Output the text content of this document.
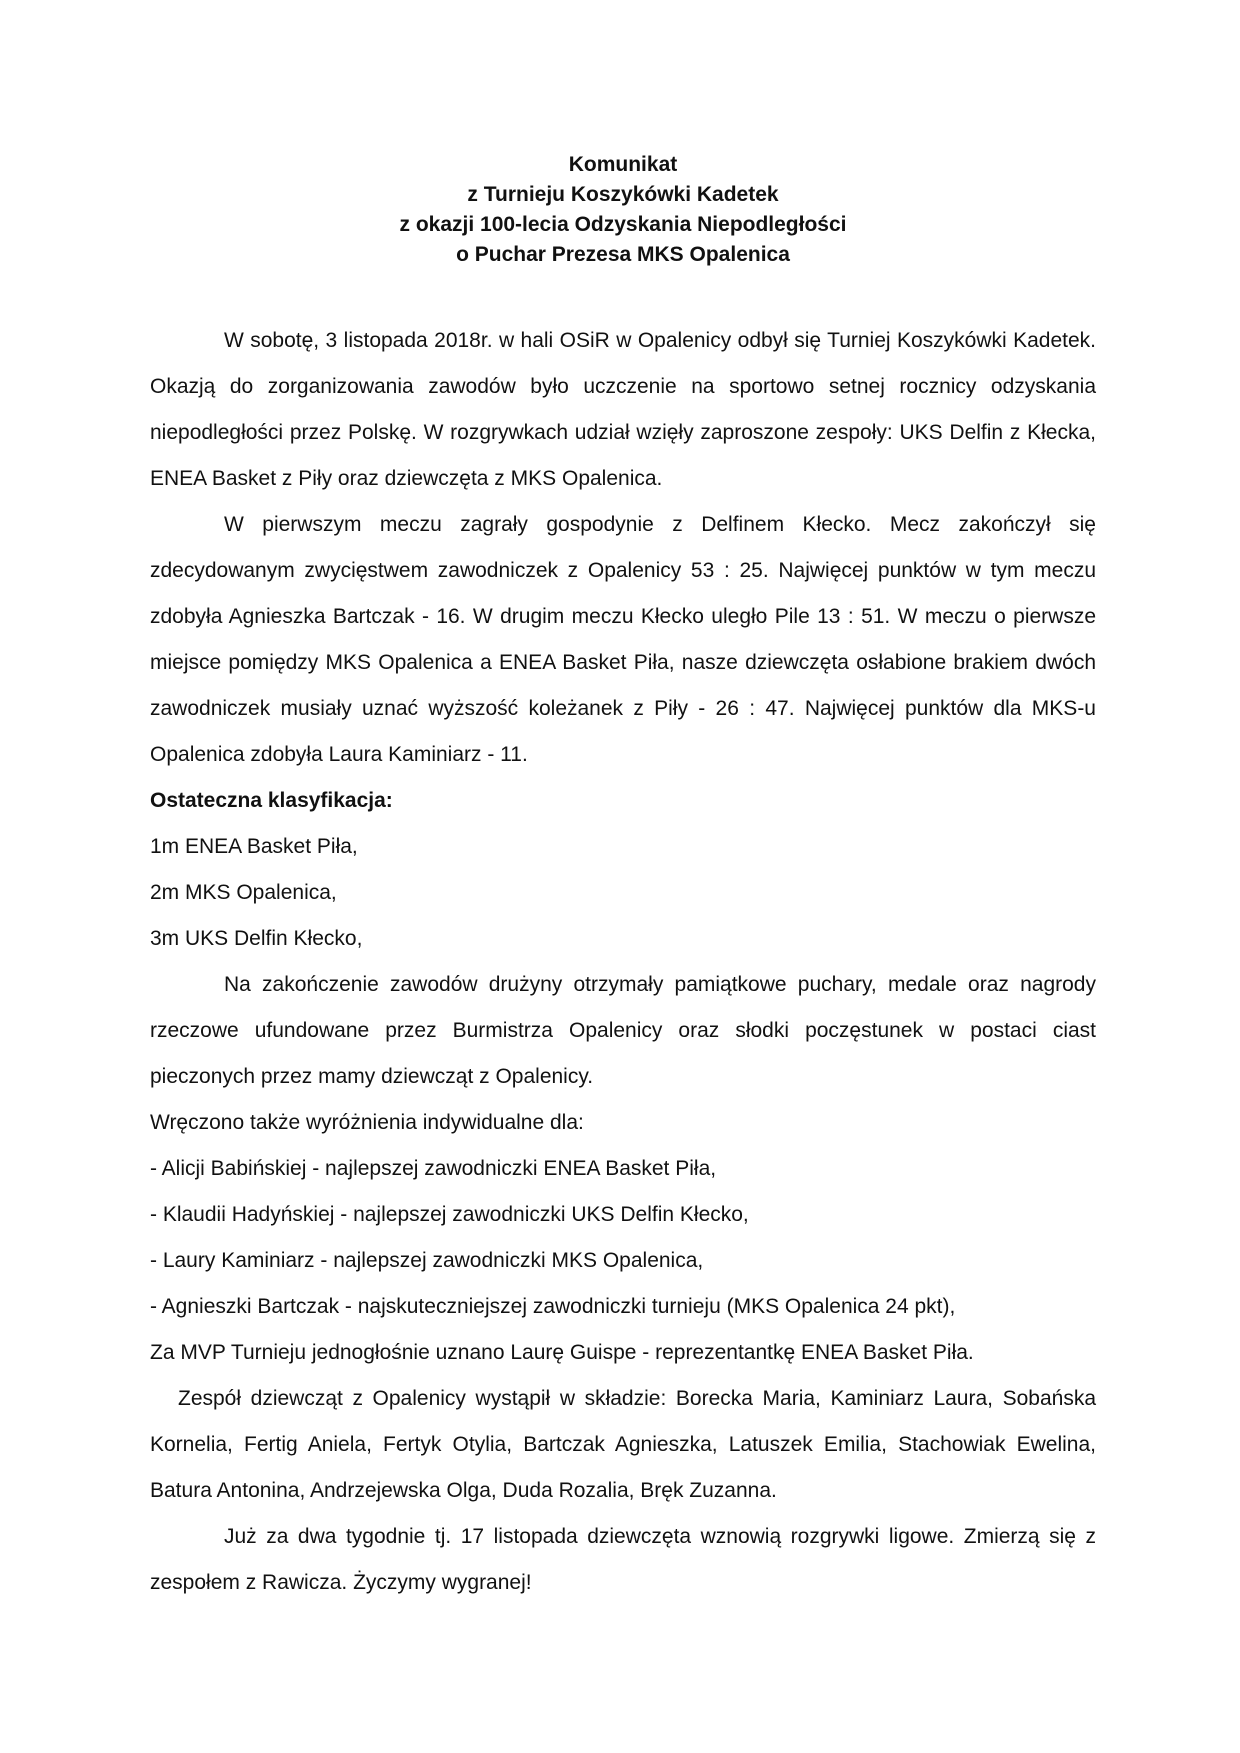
Komunikat
z Turnieju Koszykówki Kadetek
z okazji 100-lecia Odzyskania Niepodległości
o Puchar Prezesa MKS Opalenica

W sobotę, 3 listopada 2018r. w hali OSiR w Opalenicy odbył się Turniej Koszykówki Kadetek. Okazją do zorganizowania zawodów było uczczenie na sportowo setnej rocznicy odzyskania niepodległości przez Polskę. W rozgrywkach udział wzięły zaproszone zespoły: UKS Delfin z Kłecka, ENEA Basket z Piły oraz dziewczęta z MKS Opalenica.

W pierwszym meczu zagrały gospodynie z Delfinem Kłecko. Mecz zakończył się zdecydowanym zwycięstwem zawodniczek z Opalenicy 53 : 25. Najwięcej punktów w tym meczu zdobyła Agnieszka Bartczak - 16. W drugim meczu Kłecko uległo Pile 13 : 51. W meczu o pierwsze miejsce pomiędzy MKS Opalenica a ENEA Basket Piła, nasze dziewczęta osłabione brakiem dwóch zawodniczek musiały uznać wyższość koleżanek z Piły - 26 : 47. Najwięcej punktów dla MKS-u Opalenica zdobyła Laura Kaminiarz - 11.

Ostateczna klasyfikacja:

1m ENEA Basket Piła,

2m MKS Opalenica,

3m UKS Delfin Kłecko,

Na zakończenie zawodów drużyny otrzymały pamiątkowe puchary, medale oraz nagrody rzeczowe ufundowane przez Burmistrza Opalenicy oraz słodki poczęstunek w postaci ciast pieczonych przez mamy dziewcząt z Opalenicy.

Wręczono także wyróżnienia indywidualne dla:

- Alicji Babińskiej - najlepszej zawodniczki ENEA Basket Piła,

- Klaudii Hadyńskiej - najlepszej zawodniczki UKS Delfin Kłecko,

- Laury Kaminiarz - najlepszej zawodniczki MKS Opalenica,

- Agnieszki Bartczak - najskuteczniejszej zawodniczki turnieju (MKS Opalenica 24 pkt),

Za MVP Turnieju jednogłośnie uznano Laurę Guispe - reprezentantkę ENEA Basket Piła.

Zespół dziewcząt z Opalenicy wystąpił w składzie: Borecka Maria, Kaminiarz Laura, Sobańska Kornelia, Fertig Aniela, Fertyk Otylia, Bartczak Agnieszka, Latuszek Emilia, Stachowiak Ewelina, Batura Antonina, Andrzejewska Olga, Duda Rozalia, Bręk Zuzanna.

Już za dwa tygodnie tj. 17 listopada dziewczęta wznowią rozgrywki ligowe. Zmierzą się z zespołem z Rawicza. Życzymy wygranej!
